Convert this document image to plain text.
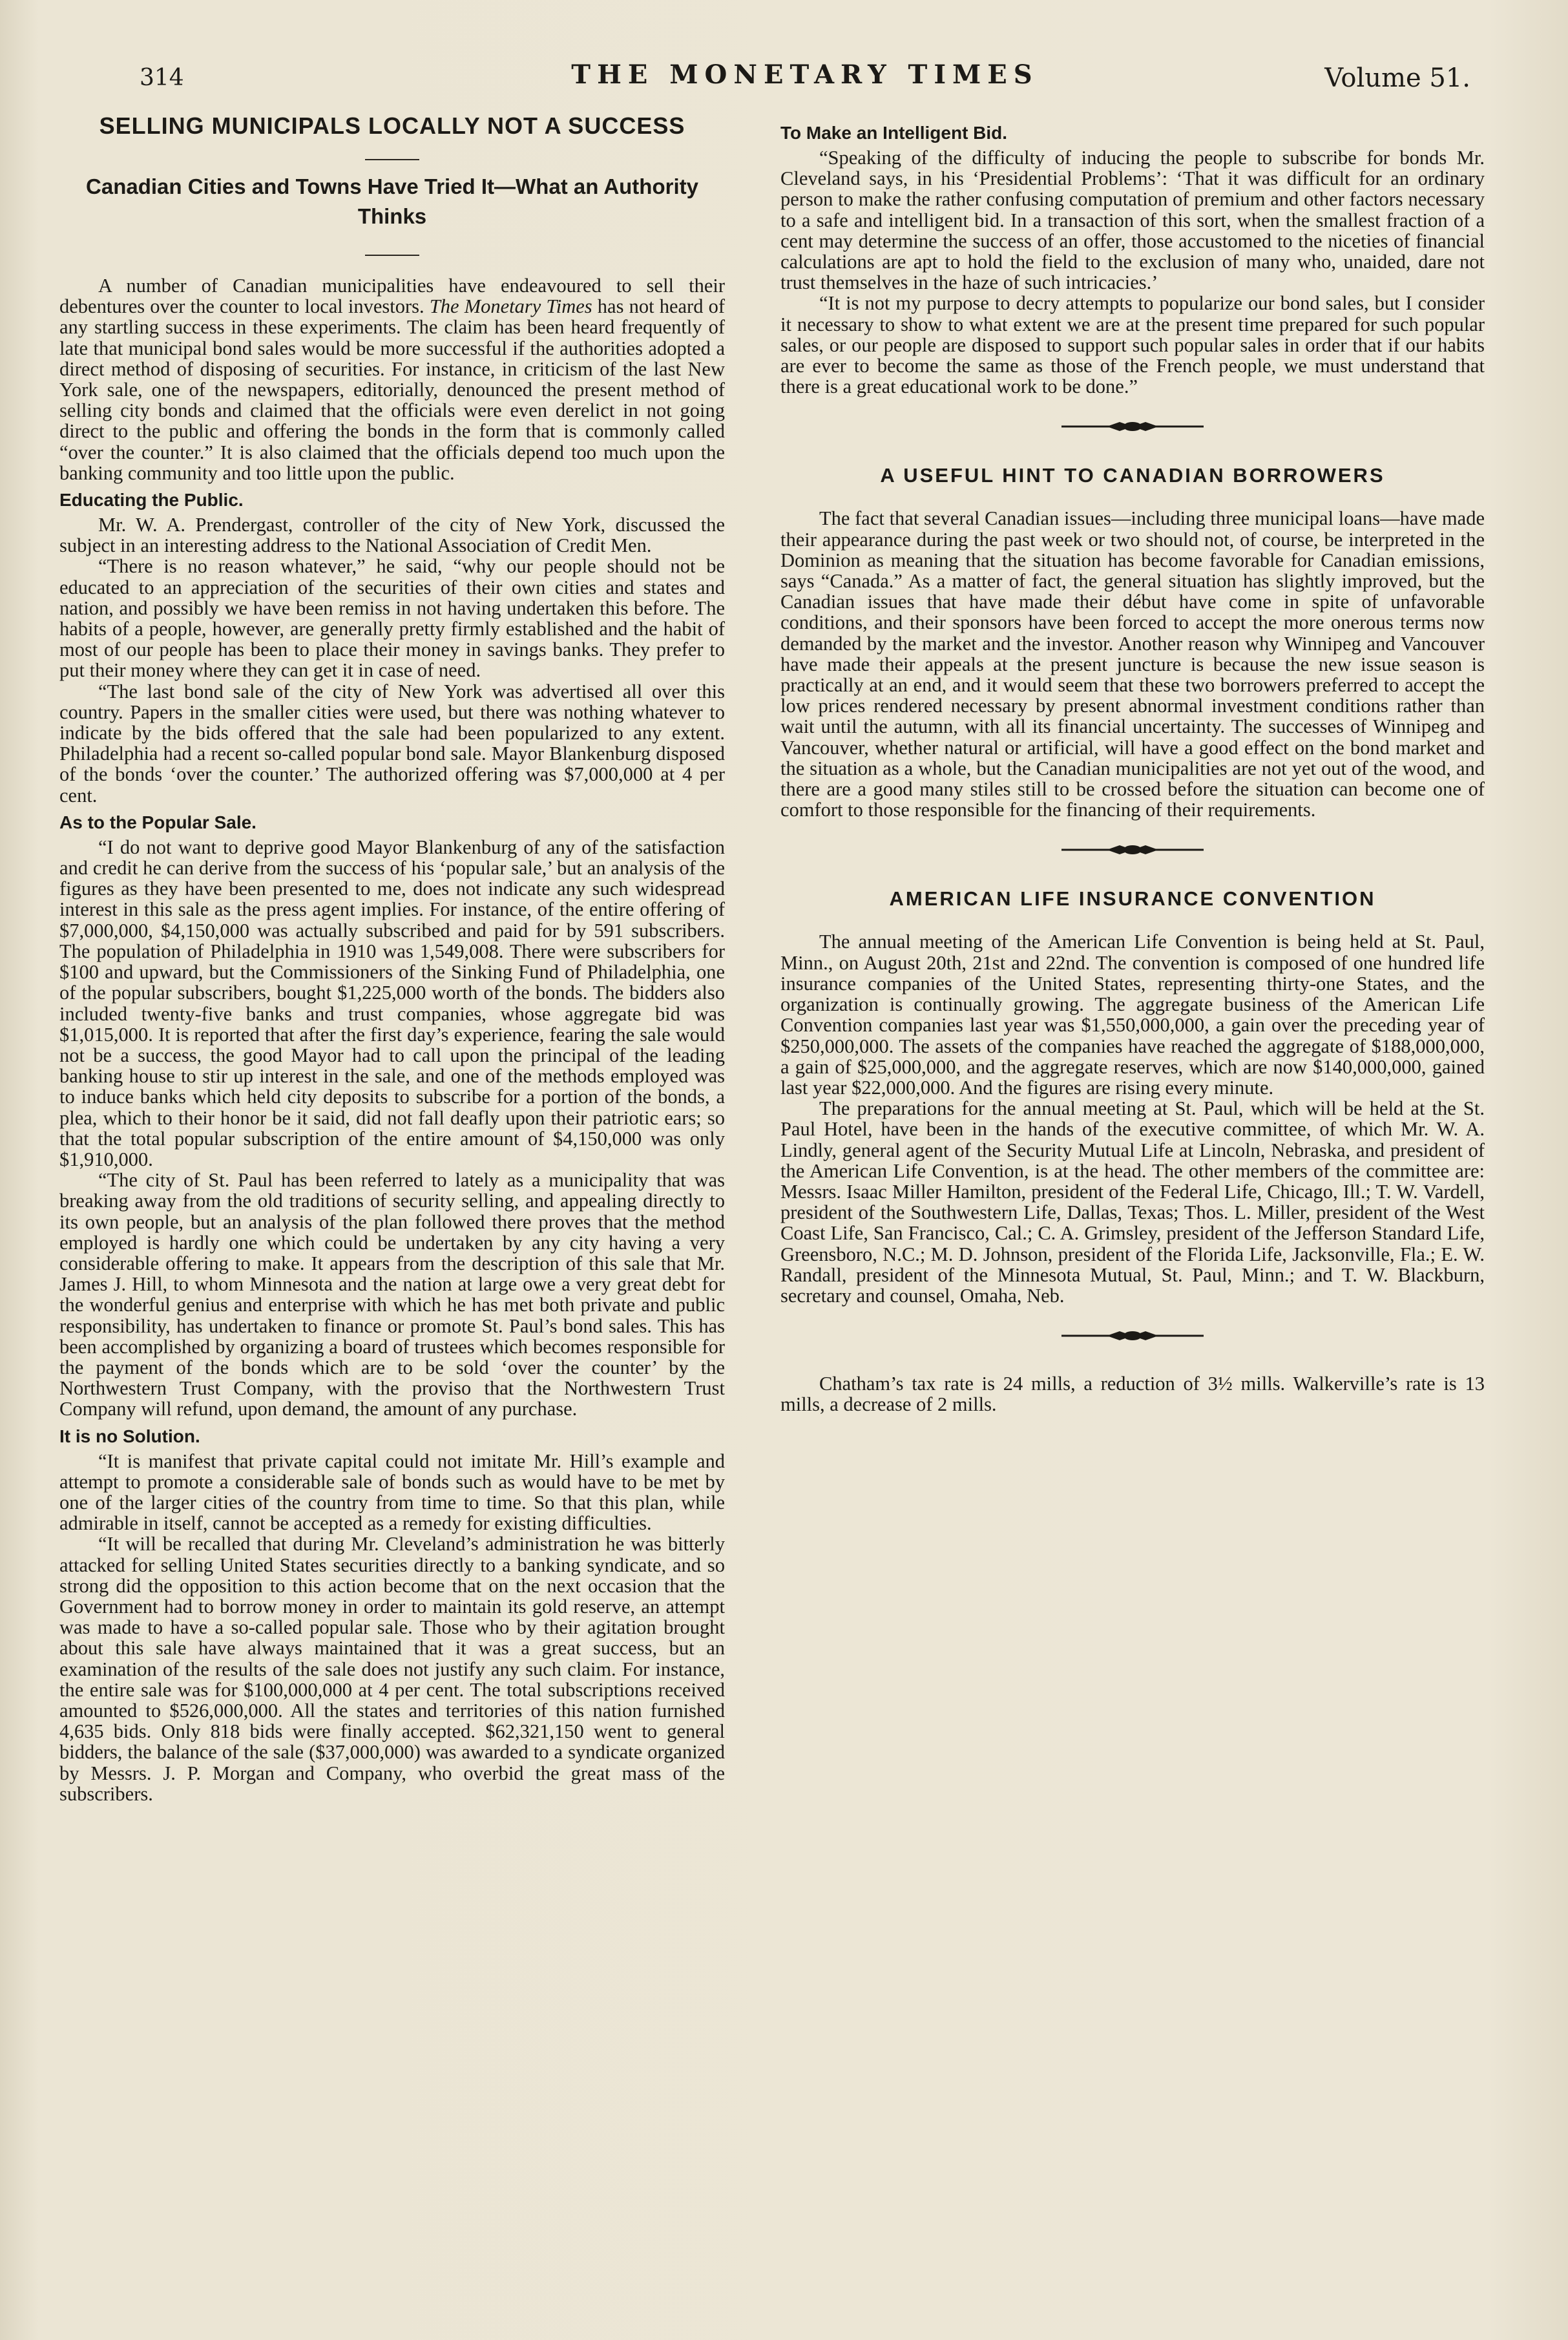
314	THE MONETARY TIMES	Volume 51.
SELLING MUNICIPALS LOCALLY NOT A SUCCESS
Canadian Cities and Towns Have Tried It—What an Authority Thinks

A number of Canadian municipalities have endeavoured to sell their debentures over the counter to local investors. The Monetary Times has not heard of any startling success in these experiments. The claim has been heard frequently of late that municipal bond sales would be more successful if the authorities adopted a direct method of disposing of securities. For instance, in criticism of the last New York sale, one of the newspapers, editorially, denounced the present method of selling city bonds and claimed that the officials were even derelict in not going direct to the public and offering the bonds in the form that is commonly called “over the counter.” It is also claimed that the officials depend too much upon the banking community and too little upon the public.

Educating the Public.

Mr. W. A. Prendergast, controller of the city of New York, discussed the subject in an interesting address to the National Association of Credit Men.

“There is no reason whatever,” he said, “why our people should not be educated to an appreciation of the securities of their own cities and states and nation, and possibly we have been remiss in not having undertaken this before. The habits of a people, however, are generally pretty firmly established and the habit of most of our people has been to place their money in savings banks. They prefer to put their money where they can get it in case of need.

“The last bond sale of the city of New York was advertised all over this country. Papers in the smaller cities were used, but there was nothing whatever to indicate by the bids offered that the sale had been popularized to any extent. Philadelphia had a recent so-called popular bond sale. Mayor Blankenburg disposed of the bonds ‘over the counter.’ The authorized offering was $7,000,000 at 4 per cent.

As to the Popular Sale.

“I do not want to deprive good Mayor Blankenburg of any of the satisfaction and credit he can derive from the success of his ‘popular sale,’ but an analysis of the figures as they have been presented to me, does not indicate any such widespread interest in this sale as the press agent implies. For instance, of the entire offering of $7,000,000, $4,150,000 was actually subscribed and paid for by 591 subscribers. The population of Philadelphia in 1910 was 1,549,008. There were subscribers for $100 and upward, but the Commissioners of the Sinking Fund of Philadelphia, one of the popular subscribers, bought $1,225,000 worth of the bonds. The bidders also included twenty-five banks and trust companies, whose aggregate bid was $1,015,000. It is reported that after the first day’s experience, fearing the sale would not be a success, the good Mayor had to call upon the principal of the leading banking house to stir up interest in the sale, and one of the methods employed was to induce banks which held city deposits to subscribe for a portion of the bonds, a plea, which to their honor be it said, did not fall deafly upon their patriotic ears; so that the total popular subscription of the entire amount of $4,150,000 was only $1,910,000.

“The city of St. Paul has been referred to lately as a municipality that was breaking away from the old traditions of security selling, and appealing directly to its own people, but an analysis of the plan followed there proves that the method employed is hardly one which could be undertaken by any city having a very considerable offering to make. It appears from the description of this sale that Mr. James J. Hill, to whom Minnesota and the nation at large owe a very great debt for the wonderful genius and enterprise with which he has met both private and public responsibility, has undertaken to finance or promote St. Paul’s bond sales. This has been accomplished by organizing a board of trustees which becomes responsible for the payment of the bonds which are to be sold ‘over the counter’ by the Northwestern Trust Company, with the proviso that the Northwestern Trust Company will refund, upon demand, the amount of any purchase.

It is no Solution.

“It is manifest that private capital could not imitate Mr. Hill’s example and attempt to promote a considerable sale of bonds such as would have to be met by one of the larger cities of the country from time to time. So that this plan, while admirable in itself, cannot be accepted as a remedy for existing difficulties.

“It will be recalled that during Mr. Cleveland’s administration he was bitterly attacked for selling United States securities directly to a banking syndicate, and so strong did the opposition to this action become that on the next occasion that the Government had to borrow money in order to maintain its gold reserve, an attempt was made to have a so-called popular sale. Those who by their agitation brought about this sale have always maintained that it was a great success, but an examination of the results of the sale does not justify any such claim. For instance, the entire sale was for $100,000,000 at 4 per cent. The total subscriptions received amounted to $526,000,000. All the states and territories of this nation furnished 4,635 bids. Only 818 bids were finally accepted. $62,321,150 went to general bidders, the balance of the sale ($37,000,000) was awarded to a syndicate organized by Messrs. J. P. Morgan and Company, who overbid the great mass of the subscribers.

To Make an Intelligent Bid.

“Speaking of the difficulty of inducing the people to subscribe for bonds Mr. Cleveland says, in his ‘Presidential Problems’: ‘That it was difficult for an ordinary person to make the rather confusing computation of premium and other factors necessary to a safe and intelligent bid. In a transaction of this sort, when the smallest fraction of a cent may determine the success of an offer, those accustomed to the niceties of financial calculations are apt to hold the field to the exclusion of many who, unaided, dare not trust themselves in the haze of such intricacies.’

“It is not my purpose to decry attempts to popularize our bond sales, but I consider it necessary to show to what extent we are at the present time prepared for such popular sales, or our people are disposed to support such popular sales in order that if our habits are ever to become the same as those of the French people, we must understand that there is a great educational work to be done.”

A USEFUL HINT TO CANADIAN BORROWERS

The fact that several Canadian issues—including three municipal loans—have made their appearance during the past week or two should not, of course, be interpreted in the Dominion as meaning that the situation has become favorable for Canadian emissions, says “Canada.” As a matter of fact, the general situation has slightly improved, but the Canadian issues that have made their début have come in spite of unfavorable conditions, and their sponsors have been forced to accept the more onerous terms now demanded by the market and the investor. Another reason why Winnipeg and Vancouver have made their appeals at the present juncture is because the new issue season is practically at an end, and it would seem that these two borrowers preferred to accept the low prices rendered necessary by present abnormal investment conditions rather than wait until the autumn, with all its financial uncertainty. The successes of Winnipeg and Vancouver, whether natural or artificial, will have a good effect on the bond market and the situation as a whole, but the Canadian municipalities are not yet out of the wood, and there are a good many stiles still to be crossed before the situation can become one of comfort to those responsible for the financing of their requirements.

AMERICAN LIFE INSURANCE CONVENTION

The annual meeting of the American Life Convention is being held at St. Paul, Minn., on August 20th, 21st and 22nd. The convention is composed of one hundred life insurance companies of the United States, representing thirty-one States, and the organization is continually growing. The aggregate business of the American Life Convention companies last year was $1,550,000,000, a gain over the preceding year of $250,000,000. The assets of the companies have reached the aggregate of $188,000,000, a gain of $25,000,000, and the aggregate reserves, which are now $140,000,000, gained last year $22,000,000. And the figures are rising every minute.

The preparations for the annual meeting at St. Paul, which will be held at the St. Paul Hotel, have been in the hands of the executive committee, of which Mr. W. A. Lindly, general agent of the Security Mutual Life at Lincoln, Nebraska, and president of the American Life Convention, is at the head. The other members of the committee are: Messrs. Isaac Miller Hamilton, president of the Federal Life, Chicago, Ill.; T. W. Vardell, president of the Southwestern Life, Dallas, Texas; Thos. L. Miller, president of the West Coast Life, San Francisco, Cal.; C. A. Grimsley, president of the Jefferson Standard Life, Greensboro, N.C.; M. D. Johnson, president of the Florida Life, Jacksonville, Fla.; E. W. Randall, president of the Minnesota Mutual, St. Paul, Minn.; and T. W. Blackburn, secretary and counsel, Omaha, Neb.

Chatham’s tax rate is 24 mills, a reduction of 3½ mills. Walkerville’s rate is 13 mills, a decrease of 2 mills.
